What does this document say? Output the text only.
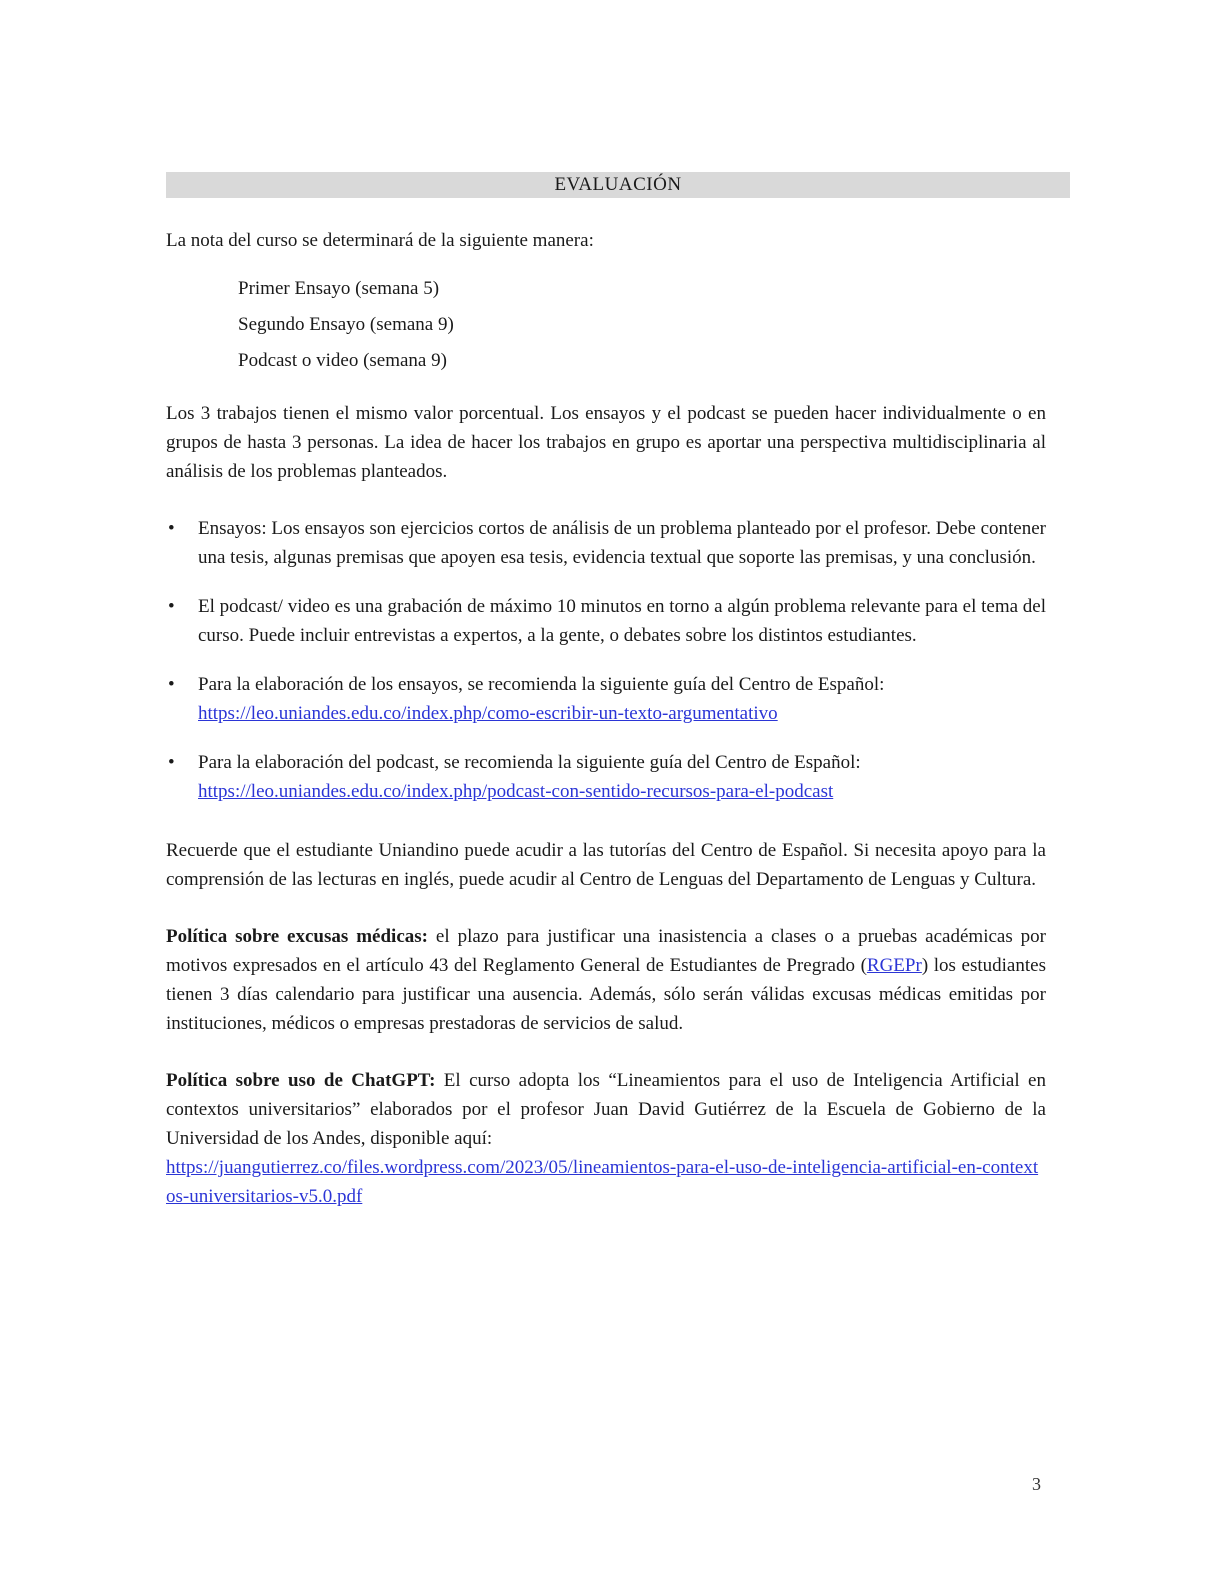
EVALUACIÓN

La nota del curso se determinará de la siguiente manera:

Primer Ensayo (semana 5)
Segundo Ensayo (semana 9)
Podcast o video (semana 9)

Los 3 trabajos tienen el mismo valor porcentual. Los ensayos y el podcast se pueden hacer individualmente o en grupos de hasta 3 personas. La idea de hacer los trabajos en grupo es aportar una perspectiva multidisciplinaria al análisis de los problemas planteados.

•	Ensayos: Los ensayos son ejercicios cortos de análisis de un problema planteado por el profesor. Debe contener una tesis, algunas premisas que apoyen esa tesis, evidencia textual que soporte las premisas, y una conclusión.
•	El podcast/ video es una grabación de máximo 10 minutos en torno a algún problema relevante para el tema del curso. Puede incluir entrevistas a expertos, a la gente, o debates sobre los distintos estudiantes.
•	Para la elaboración de los ensayos, se recomienda la siguiente guía del Centro de Español:
https://leo.uniandes.edu.co/index.php/como-escribir-un-texto-argumentativo
•	Para la elaboración del podcast, se recomienda la siguiente guía del Centro de Español:
https://leo.uniandes.edu.co/index.php/podcast-con-sentido-recursos-para-el-podcast

Recuerde que el estudiante Uniandino puede acudir a las tutorías del Centro de Español. Si necesita apoyo para la comprensión de las lecturas en inglés, puede acudir al Centro de Lenguas del Departamento de Lenguas y Cultura.

Política sobre excusas médicas: el plazo para justificar una inasistencia a clases o a pruebas académicas por motivos expresados en el artículo 43 del Reglamento General de Estudiantes de Pregrado (RGEPr) los estudiantes tienen 3 días calendario para justificar una ausencia. Además, sólo serán válidas excusas médicas emitidas por instituciones, médicos o empresas prestadoras de servicios de salud.

Política sobre uso de ChatGPT: El curso adopta los “Lineamientos para el uso de Inteligencia Artificial en contextos universitarios” elaborados por el profesor Juan David Gutiérrez de la Escuela de Gobierno de la Universidad de los Andes, disponible aquí:
https://juangutierrez.co/files.wordpress.com/2023/05/lineamientos-para-el-uso-de-inteligencia-artificial-en-contextos-universitarios-v5.0.pdf

3
